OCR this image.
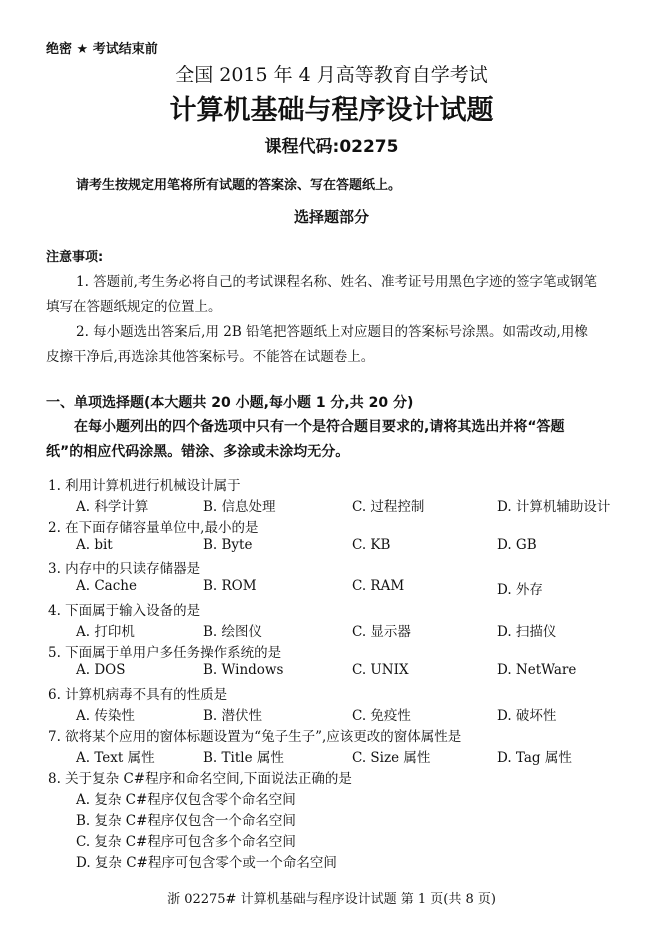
绝密 ★ 考试结束前
全国 2015 年 4 月高等教育自学考试
计算机基础与程序设计试题
课程代码:02275
请考生按规定用笔将所有试题的答案涂、写在答题纸上。
选择题部分
注意事项:
1. 答题前,考生务必将自己的考试课程名称、姓名、准考证号用黑色字迹的签字笔或钢笔
填写在答题纸规定的位置上。
2. 每小题选出答案后,用 2B 铅笔把答题纸上对应题目的答案标号涂黑。如需改动,用橡
皮擦干净后,再选涂其他答案标号。不能答在试题卷上。
一、单项选择题(本大题共 20 小题,每小题 1 分,共 20 分)
在每小题列出的四个备选项中只有一个是符合题目要求的,请将其选出并将“答题
纸”的相应代码涂黑。错涂、多涂或未涂均无分。
1. 利用计算机进行机械设计属于
A. 科学计算	B. 信息处理	C. 过程控制	D. 计算机辅助设计
2. 在下面存储容量单位中,最小的是
A. bit	B. Byte	C. KB	D. GB
3. 内存中的只读存储器是
A. Cache	B. ROM	C. RAM	D. 外存
4. 下面属于输入设备的是
A. 打印机	B. 绘图仪	C. 显示器	D. 扫描仪
5. 下面属于单用户多任务操作系统的是
A. DOS	B. Windows	C. UNIX	D. NetWare
6. 计算机病毒不具有的性质是
A. 传染性	B. 潜伏性	C. 免疫性	D. 破坏性
7. 欲将某个应用的窗体标题设置为“兔子生子”,应该更改的窗体属性是
A. Text 属性	B. Title 属性	C. Size 属性	D. Tag 属性
8. 关于复杂 C#程序和命名空间,下面说法正确的是
A. 复杂 C#程序仅包含零个命名空间
B. 复杂 C#程序仅包含一个命名空间
C. 复杂 C#程序可包含多个命名空间
D. 复杂 C#程序可包含零个或一个命名空间
浙 02275# 计算机基础与程序设计试题 第 1 页(共 8 页)
